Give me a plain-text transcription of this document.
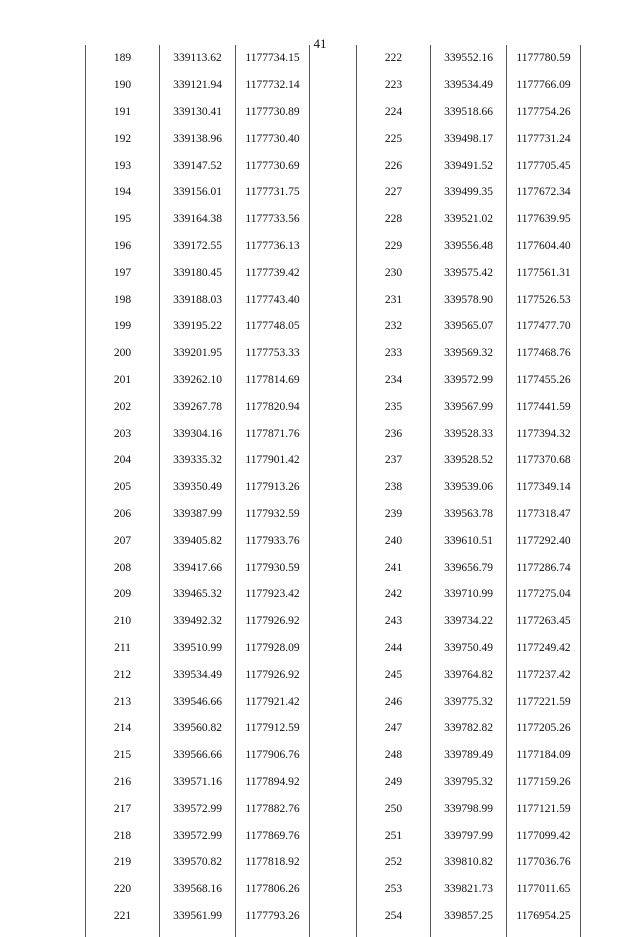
41
189	339113.62	1177734.15
190	339121.94	1177732.14
191	339130.41	1177730.89
192	339138.96	1177730.40
193	339147.52	1177730.69
194	339156.01	1177731.75
195	339164.38	1177733.56
196	339172.55	1177736.13
197	339180.45	1177739.42
198	339188.03	1177743.40
199	339195.22	1177748.05
200	339201.95	1177753.33
201	339262.10	1177814.69
202	339267.78	1177820.94
203	339304.16	1177871.76
204	339335.32	1177901.42
205	339350.49	1177913.26
206	339387.99	1177932.59
207	339405.82	1177933.76
208	339417.66	1177930.59
209	339465.32	1177923.42
210	339492.32	1177926.92
211	339510.99	1177928.09
212	339534.49	1177926.92
213	339546.66	1177921.42
214	339560.82	1177912.59
215	339566.66	1177906.76
216	339571.16	1177894.92
217	339572.99	1177882.76
218	339572.99	1177869.76
219	339570.82	1177818.92
220	339568.16	1177806.26
221	339561.99	1177793.26

222	339552.16	1177780.59
223	339534.49	1177766.09
224	339518.66	1177754.26
225	339498.17	1177731.24
226	339491.52	1177705.45
227	339499.35	1177672.34
228	339521.02	1177639.95
229	339556.48	1177604.40
230	339575.42	1177561.31
231	339578.90	1177526.53
232	339565.07	1177477.70
233	339569.32	1177468.76
234	339572.99	1177455.26
235	339567.99	1177441.59
236	339528.33	1177394.32
237	339528.52	1177370.68
238	339539.06	1177349.14
239	339563.78	1177318.47
240	339610.51	1177292.40
241	339656.79	1177286.74
242	339710.99	1177275.04
243	339734.22	1177263.45
244	339750.49	1177249.42
245	339764.82	1177237.42
246	339775.32	1177221.59
247	339782.82	1177205.26
248	339789.49	1177184.09
249	339795.32	1177159.26
250	339798.99	1177121.59
251	339797.99	1177099.42
252	339810.82	1177036.76
253	339821.73	1177011.65
254	339857.25	1176954.25
